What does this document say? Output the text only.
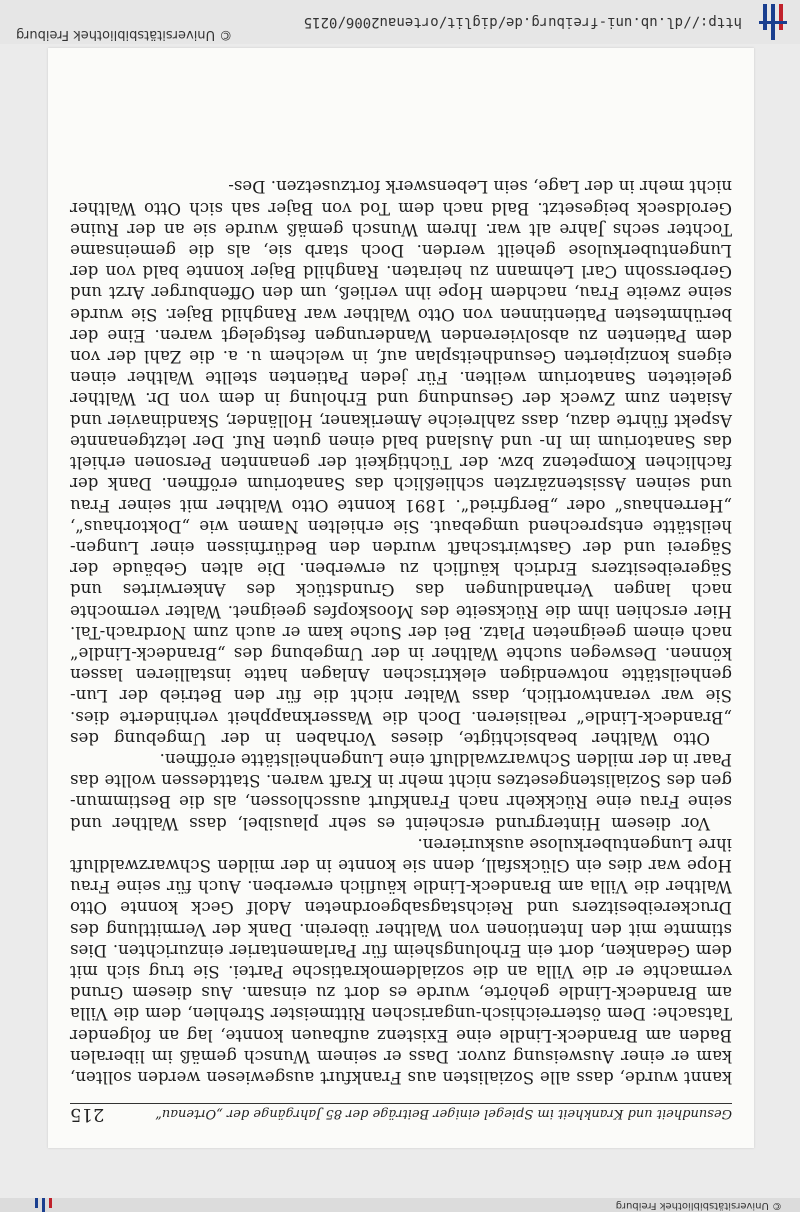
© Universitätsbibliothek Freiburg
Gesundheit und Krankheit im Spiegel einiger Beiträge der 85 Jahrgänge der „Ortenau“
215

kannt wurde, dass alle Sozialisten aus Frankfurt ausgewiesen werden sollten, kam er einer Ausweisung zuvor. Dass er seinem Wunsch gemäß im liberalen Baden am Brandeck-Lindle eine Existenz aufbauen konnte, lag an folgender Tatsache: Dem österreichisch-ungarischen Rittmeister Strehlen, dem die Villa am Brandeck-Lindle gehörte, wurde es dort zu einsam. Aus diesem Grund vermachte er die Villa an die sozialdemokratische Partei. Sie trug sich mit dem Gedanken, dort ein Erholungsheim für Parlamentarier einzurichten. Dies stimmte mit den Intentionen von Walther überein. Dank der Vermittlung des Druckereibesitzers und Reichstagsabgeordneten Adolf Geck konnte Otto Walther die Villa am Brandeck-Lindle käuflich erwerben. Auch für seine Frau Hope war dies ein Glücksfall, denn sie konnte in der milden Schwarzwaldluft ihre Lungentuberkulose auskurieren.

Vor diesem Hintergrund erscheint es sehr plausibel, dass Walther und seine Frau eine Rückkehr nach Frankfurt ausschlossen, als die Bestimmungen des Sozialistengesetzes nicht mehr in Kraft waren. Stattdessen wollte das Paar in der milden Schwarzwaldluft eine Lungenheilstätte eröffnen.

Otto Walther beabsichtigte, dieses Vorhaben in der Umgebung des „Brandeck-Lindle“ realisieren. Doch die Wasserknappheit verhinderte dies. Sie war verantwortlich, dass Walter nicht die für den Betrieb der Lungenheilstätte notwendigen elektrischen Anlagen hatte installieren lassen können. Deswegen suchte Walther in der Umgebung des „Brandeck-Lindle“ nach einem geeigneten Platz. Bei der Suche kam er auch zum Nordrach-Tal. Hier erschien ihm die Rückseite des Mooskopfes geeignet. Walter vermochte nach langen Verhandlungen das Grundstück des Ankerwirtes und Sägereibesitzers Erdrich käuflich zu erwerben. Die alten Gebäude der Sägerei und der Gastwirtschaft wurden den Bedürfnissen einer Lungenheilstätte entsprechend umgebaut. Sie erhielten Namen wie „Doktorhaus“, „Herrenhaus“ oder „Bergfried“. 1891 konnte Otto Walther mit seiner Frau und seinen Assistenzärzten schließlich das Sanatorium eröffnen. Dank der fachlichen Kompetenz bzw. der Tüchtigkeit der genannten Personen erhielt das Sanatorium im In- und Ausland bald einen guten Ruf. Der letztgenannte Aspekt führte dazu, dass zahlreiche Amerikaner, Holländer, Skandinavier und Asiaten zum Zweck der Gesundung und Erholung in dem von Dr. Walther geleiteten Sanatorium weilten. Für jeden Patienten stellte Walther einen eigens konzipierten Gesundheitsplan auf, in welchem u. a. die Zahl der von dem Patienten zu absolvierenden Wanderungen festgelegt waren. Eine der berühmtesten Patientinnen von Otto Walther war Ranghild Bajer. Sie wurde seine zweite Frau, nachdem Hope ihn verließ, um den Offenburger Arzt und Gerberssohn Carl Lehmann zu heiraten. Ranghild Bajer konnte bald von der Lungentuberkulose geheilt werden. Doch starb sie, als die gemeinsame Tochter sechs Jahre alt war. Ihrem Wunsch gemäß wurde sie an der Ruine Geroldseck beigesetzt. Bald nach dem Tod von Bajer sah sich Otto Walther nicht mehr in der Lage, sein Lebenswerk fortzusetzen. Des-

http://dl.ub.uni-freiburg.de/diglit/ortenau2006/0215
© Universitätsbibliothek Freiburg
